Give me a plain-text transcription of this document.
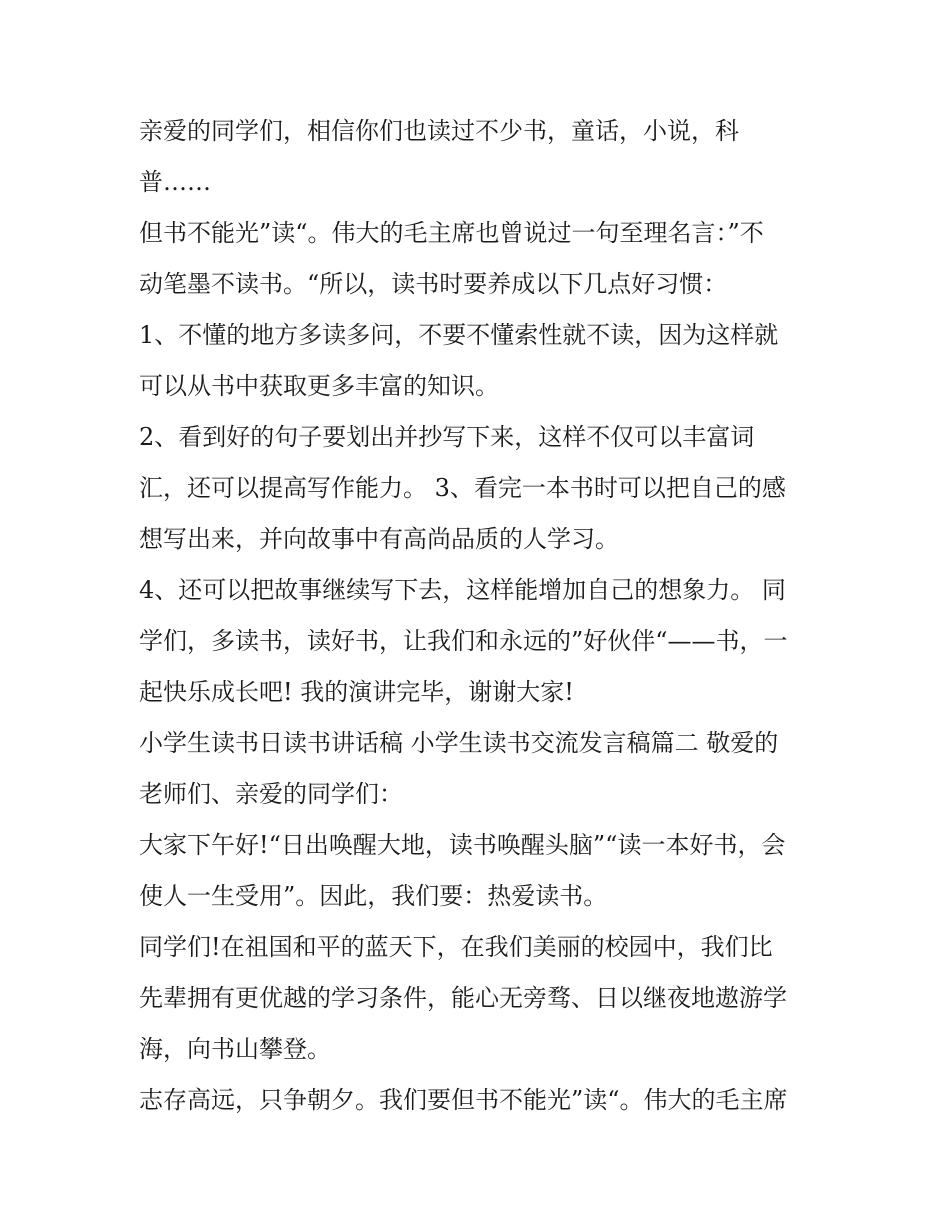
亲爱的同学们，相信你们也读过不少书，童话，小说，科
普……
但书不能光”读“。伟大的毛主席也曾说过一句至理名言：”不
动笔墨不读书。“所以，读书时要养成以下几点好习惯：
1、不懂的地方多读多问，不要不懂索性就不读，因为这样就
可以从书中获取更多丰富的知识。
2、看到好的句子要划出并抄写下来，这样不仅可以丰富词
汇，还可以提高写作能力。 3、看完一本书时可以把自己的感
想写出来，并向故事中有高尚品质的人学习。
4、还可以把故事继续写下去，这样能增加自己的想象力。 同
学们，多读书，读好书，让我们和永远的”好伙伴“——书，一
起快乐成长吧! 我的演讲完毕，谢谢大家!
小学生读书日读书讲话稿 小学生读书交流发言稿篇二 敬爱的
老师们、亲爱的同学们：
大家下午好!“日出唤醒大地，读书唤醒头脑”“读一本好书，会
使人一生受用”。因此，我们要：热爱读书。
同学们!在祖国和平的蓝天下，在我们美丽的校园中，我们比
先辈拥有更优越的学习条件，能心无旁骛、日以继夜地遨游学
海，向书山攀登。
志存高远，只争朝夕。我们要但书不能光”读“。伟大的毛主席
